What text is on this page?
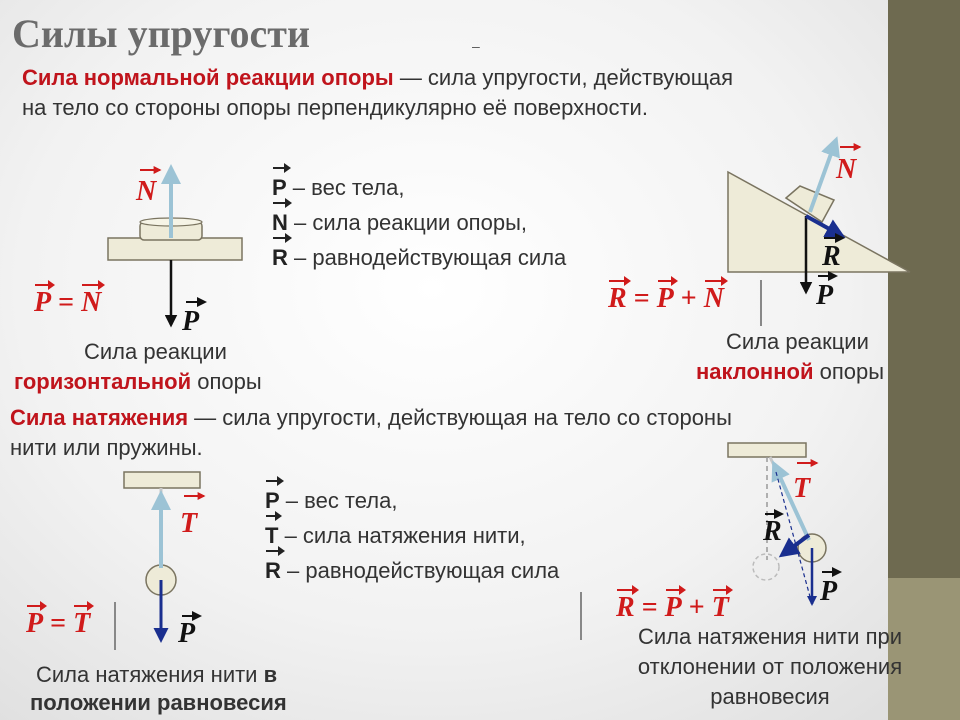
Силы упругости	–

Сила нормальной реакции опоры — сила упругости, действующая
на тело со стороны опоры перпендикулярно её поверхности.

P – вес тела,
N – сила реакции опоры,
R – равнодействующая сила
P = N

Сила реакции

горизонтальной опоры

R = P + N

Сила реакции

наклонной опоры

Сила натяжения — сила упругости, действующая на тело со стороны
нити или пружины.

P – вес тела,
T – сила натяжения нити,
R – равнодействующая сила
P = T

Сила натяжения нити в

положении равновесия

R = P + T

Сила натяжения нити при
отклонении от положения
равновесия

N
P
N
R
P
T
P
T
R
P
